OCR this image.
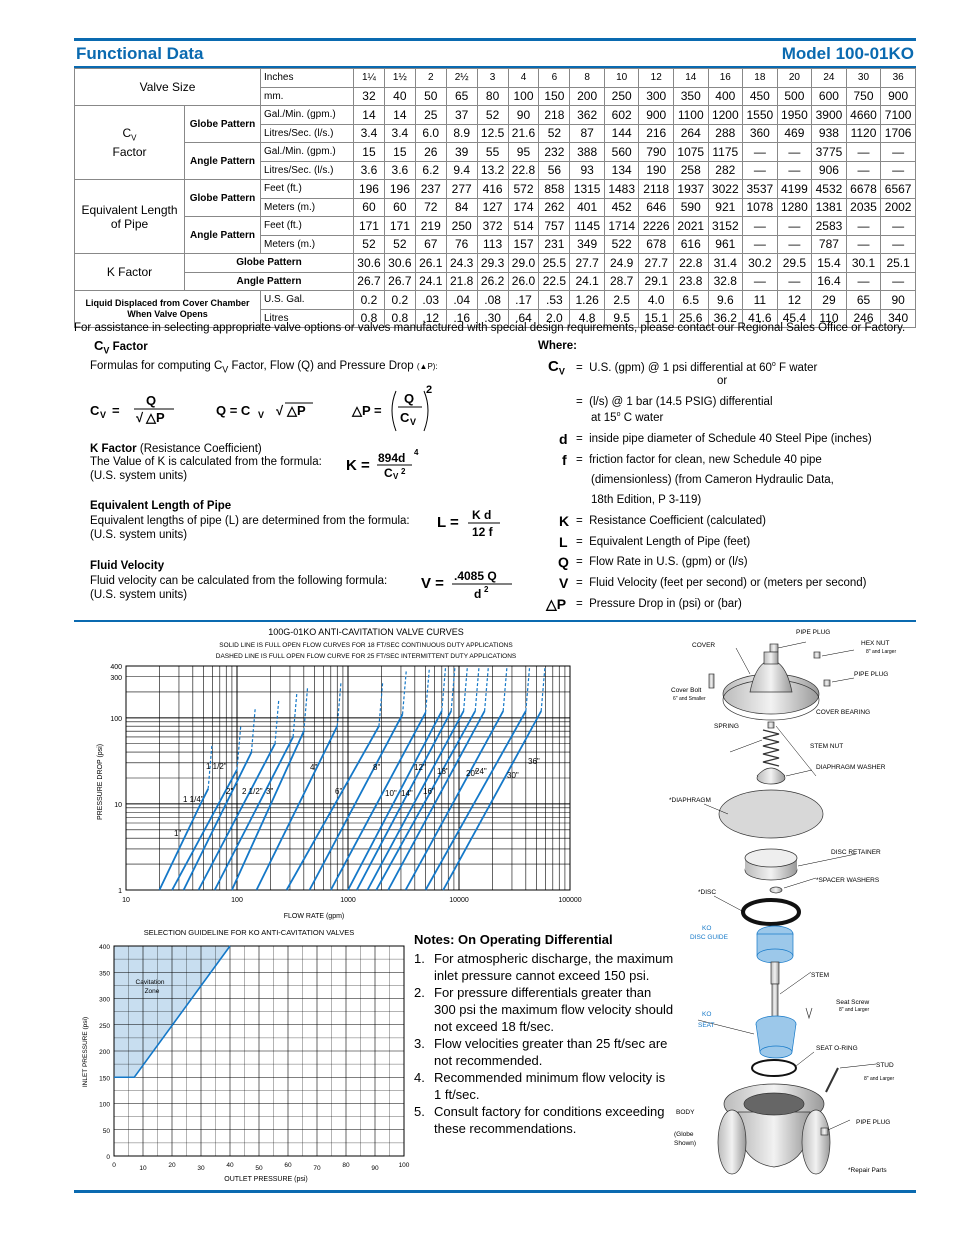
Functional Data	Model 100-01KO
Valve Size		Inches	1¼	1½	2	2½	3	4	6	8	10	12	14	16	18	20	24	30	36
		mm.	32	40	50	65	80	100	150	200	250	300	350	400	450	500	600	750	900
$C_V$
Factor	Globe Pattern	Gal./Min. (gpm.)	14	14	25	37	52	90	218	362	602	900	1100	1200	1550	1950	3900	4660	7100
		Litres/Sec. (l/s.)	3.4	3.4	6.0	8.9	12.5	21.6	52	87	144	216	264	288	360	469	938	1120	1706
	Angle Pattern	Gal./Min. (gpm.)	15	15	26	39	55	95	232	388	560	790	1075	1175	—	—	3775	—	—
		Litres/Sec. (l/s.)	3.6	3.6	6.2	9.4	13.2	22.8	56	93	134	190	258	282	—	—	906	—	—
Equivalent Length of Pipe	Globe Pattern	Feet (ft.)	196	196	237	277	416	572	858	1315	1483	2118	1937	3022	3537	4199	4532	6678	6567
		Meters (m.)	60	60	72	84	127	174	262	401	452	646	590	921	1078	1280	1381	2035	2002
	Angle Pattern	Feet (ft.)	171	171	219	250	372	514	757	1145	1714	2226	2021	3152	—	—	2583	—	—
		Meters (m.)	52	52	67	76	113	157	231	349	522	678	616	961	—	—	787	—	—
K Factor	Globe Pattern		30.6	30.6	26.1	24.3	29.3	29.0	25.5	27.7	24.9	27.7	22.8	31.4	30.2	29.5	15.4	30.1	25.1
	Angle Pattern		26.7	26.7	24.1	21.8	26.2	26.0	22.5	24.1	28.7	29.1	23.8	32.8	—	—	16.4	—	—
Liquid Displaced from Cover Chamber When Valve Opens		U.S. Gal.	0.2	0.2	.03	.04	.08	.17	.53	1.26	2.5	4.0	6.5	9.6	11	12	29	65	90
		Litres	0.8	0.8	.12	.16	.30	.64	2.0	4.8	9.5	15.1	25.6	36.2	41.6	45.4	110	246	340
For assistance in selecting appropriate valve options or valves manufactured with special design requirements, please contact our Regional Sales Office or Factory.
$C_V$ Factor
Formulas for computing $C_V$ Factor, Flow (Q) and Pressure Drop (▲P):
C V =
Q
√ △P	Q = C V √ △P	△P =
Q
C V
2
K Factor (Resistance Coefficient)
The Value of K is calculated from the formula:
(U.S. system units)
K = 894d 4
C V
2
Equivalent Length of Pipe
Equivalent lengths of pipe (L) are determined from the formula:
(U.S. system units)
L = K d
12 f
Fluid Velocity
Fluid velocity can be calculated from the following formula:
(U.S. system units)
V = .4085 Q
d 2
Where:
$C_V = U.S$. (gpm) @ 1 psi differential at 60$^o$ F water
or
=  (l/s) @ 1 bar (14.5 PSIG) differential
at 15$^o$ C water
d =  inside pipe diameter of Schedule 40 Steel Pipe (inches)
f =  friction factor for clean, new Schedule 40 pipe
(dimensionless) (from Cameron Hydraulic Data,
18th Edition, P 3-119)
K =  Resistance Coefficient (calculated)
L =  Equivalent Length of Pipe (feet)
Q =  Flow Rate in U.S. (gpm) or (l/s)
V =  Fluid Velocity (feet per second) or (meters per second)
△P =  Pressure Drop in (psi) or (bar)
100G-01KO ANTI-CAVITATION VALVE CURVES
SOLID LINE IS FULL OPEN FLOW CURVES FOR 18 FT/SEC CONTINUOUS DUTY APPLICATIONS
DASHED LINE IS FULL OPEN FLOW CURVE FOR 25 FT/SEC INTERMITTENT DUTY APPLICATIONS
1"
1 1/4"
1 1/2"
2" 2 1/2" 3"
4"
6"
8"
10"
12"
14" 16"
18" 20"
24"	30"
36"
400
300
100
10
1
10	100	1000	10000	100000
FLOW RATE (gpm)
PRESSURE DROP (psi)
SELECTION GUIDELINE FOR KO ANTI-CAVITATION VALVES
0	10	20	30	40	50	60	70	80	90	100
400
350
300
250
200
150
100
50
0
Cavitation
Zone
OUTLET PRESSURE (psi)
INLET PRESSURE (psi)
Notes: On Operating Differential
1. For atmospheric discharge, the maximum inlet pressure cannot exceed 150 psi.
2. For pressure differentials greater than 300 psi the maximum flow velocity should not exceed 18 ft/sec.
3. Flow velocities greater than 25 ft/sec are not recommended.
4. Recommended minimum flow velocity is 1 ft/sec.
5. Consult factory for conditions exceeding these recommendations.
PIPE PLUG
COVER	HEX NUT
8" and Larger
PIPE PLUG
Cover Bolt
6" and Smaller
COVER BEARING
SPRING
STEM NUT
DIAPHRAGM WASHER
*DIAPHRAGM
DISC RETAINER
*SPACER WASHERS
*DISC
KO
DISC GUIDE
STEM
Seat Screw
8" and Larger
KO
SEAT
SEAT O-RING
STUD
8" and Larger
BODY
(Globe
Shown)
PIPE PLUG
*Repair Parts
